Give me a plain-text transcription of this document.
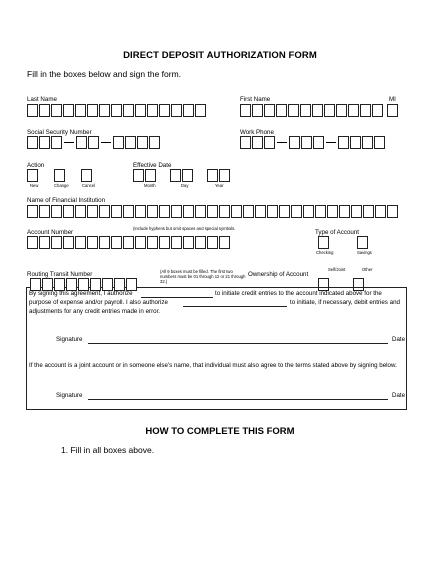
DIRECT DEPOSIT AUTHORIZATION FORM
Fill in the boxes below and sign the form.
Last Name	First Name	MI
Social Security Number	Work Phone
Action
New	Change	Cancel
Effective Date
Month	Day	Year
Name of Financial Institution
Account Number
(Include hyphens but omit spaces and special symbols.
Type of Account
Checking	Savings
Routing Transit Number	(All 9 boxes must be filled. The first two numbers must be 01 through 12 or 21 through 32.)
Ownership of Account
Self/Joint	Other
By signing this agreement, I authorize	to initiate credit entries to the account indicated above for the
purpose of expense and/or payroll. I also authorize	to initiate, if necessary, debit entries and
adjustments for any credit entries made in error.
Signature	Date
If the account is a joint account or in someone else's name, that individual must also agree to the terms stated above by signing below.
Signature	Date
HOW TO COMPLETE THIS FORM
1. Fill in all boxes above.
